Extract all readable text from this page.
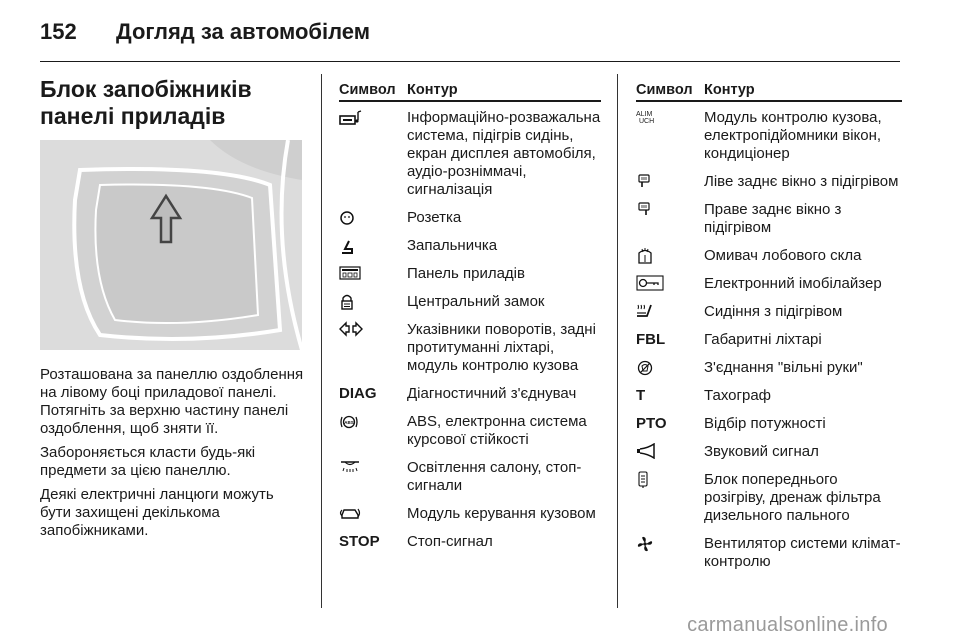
152	Догляд за автомобілем
Блок запобіжників панелі приладів

Розташована за панеллю оздоблення на лівому боці приладової панелі. Потягніть за верхню частину панелі оздоблення, щоб зняти її.

Забороняється класти будь-які предмети за цією панеллю.

Деякі електричні ланцюги можуть бути захищені декількома запобіжниками.

Символ Контур
Інформаційно-розважальна система, підігрів сидінь, екран дисплея автомобіля, аудіо-розніммачі, сигналізація
Розетка
Запальничка
Панель приладів
Центральний замок
Указівники поворотів, задні протитуманні ліхтарі, модуль контролю кузова
DIAG Діагностичний з'єднувач
ABS	ABS, електронна система курсової стійкості
Освітлення салону, стоп-сигнали
Модуль керування кузовом
STOP Стоп-сигнал
Символ Контур
ALIM
UCH	Модуль контролю кузова, електропідйомники вікон, кондиціонер
Ліве заднє вікно з підігрівом
Праве заднє вікно з підігрівом
Омивач лобового скла
Електронний імобілайзер
Сидіння з підігрівом
FBL	Габаритні ліхтарі
З'єднання "вільні руки"
T	Тахограф
PTO Відбір потужності
Звуковий сигнал
Блок попереднього розігріву, дренаж фільтра дизельного пального
Вентилятор системи клімат-контролю
carmanualsonline.info
